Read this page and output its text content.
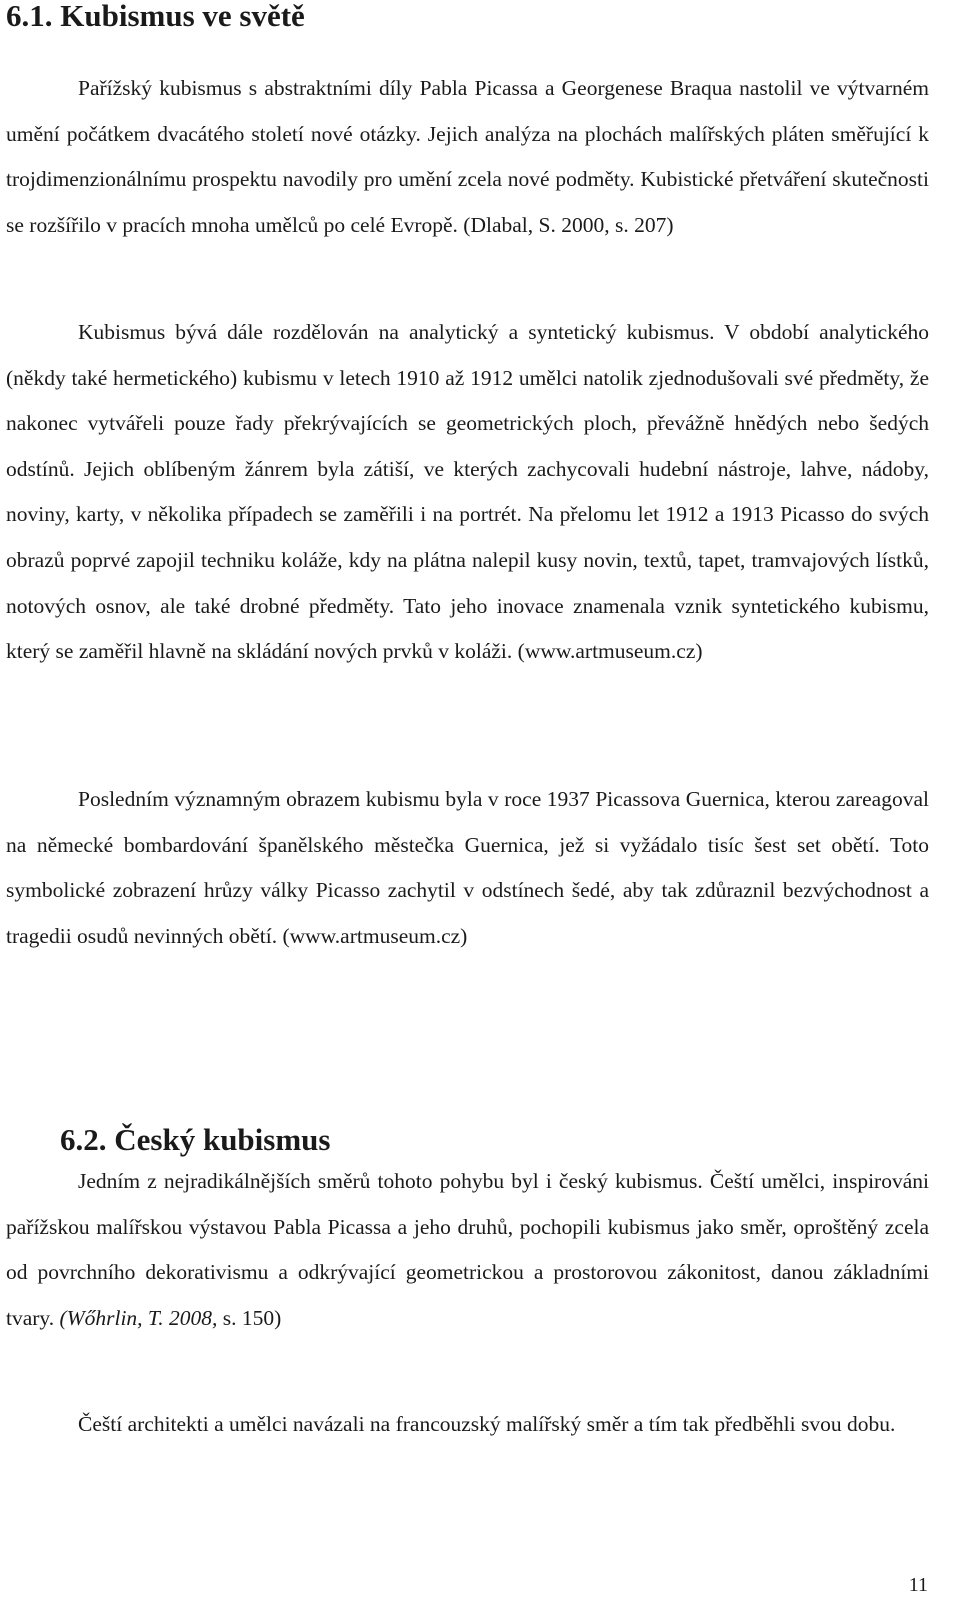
6.1. Kubismus ve světě

Pařížský kubismus s abstraktními díly Pabla Picassa a Georgenese Braqua nastolil ve výtvarném umění počátkem dvacátého století nové otázky. Jejich analýza na plochách malířských pláten směřující k trojdimenzionálnímu prospektu navodily pro umění zcela nové podměty. Kubistické přetváření skutečnosti se rozšířilo v pracích mnoha umělců po celé Evropě. (Dlabal, S. 2000, s. 207)

Kubismus bývá dále rozdělován na analytický a syntetický kubismus. V období analytického (někdy také hermetického) kubismu v letech 1910 až 1912 umělci natolik zjednodušovali své předměty, že nakonec vytvářeli pouze řady překrývajících se geometrických ploch, převážně hnědých nebo šedých odstínů. Jejich oblíbeným žánrem byla zátiší, ve kterých zachycovali hudební nástroje, lahve, nádoby, noviny, karty, v několika případech se zaměřili i na portrét. Na přelomu let 1912 a 1913 Picasso do svých obrazů poprvé zapojil techniku koláže, kdy na plátna nalepil kusy novin, textů, tapet, tramvajových lístků, notových osnov, ale také drobné předměty. Tato jeho inovace znamenala vznik syntetického kubismu, který se zaměřil hlavně na skládání nových prvků v koláži. (www.artmuseum.cz)

Posledním významným obrazem kubismu byla v roce 1937 Picassova Guernica, kterou zareagoval na německé bombardování španělského městečka Guernica, jež si vyžádalo tisíc šest set obětí. Toto symbolické zobrazení hrůzy války Picasso zachytil v odstínech šedé, aby tak zdůraznil bezvýchodnost a tragedii osudů nevinných obětí. (www.artmuseum.cz)

6.2. Český kubismus

Jedním z nejradikálnějších směrů tohoto pohybu byl i český kubismus. Čeští umělci, inspirováni pařížskou malířskou výstavou Pabla Picassa a jeho druhů, pochopili kubismus jako směr, oproštěný zcela od povrchního dekorativismu a odkrývající geometrickou a prostorovou zákonitost, danou základními tvary. (Wőhrlin, T. 2008, s. 150)

Čeští architekti a umělci navázali na francouzský malířský směr a tím tak předběhli svou dobu.

11
